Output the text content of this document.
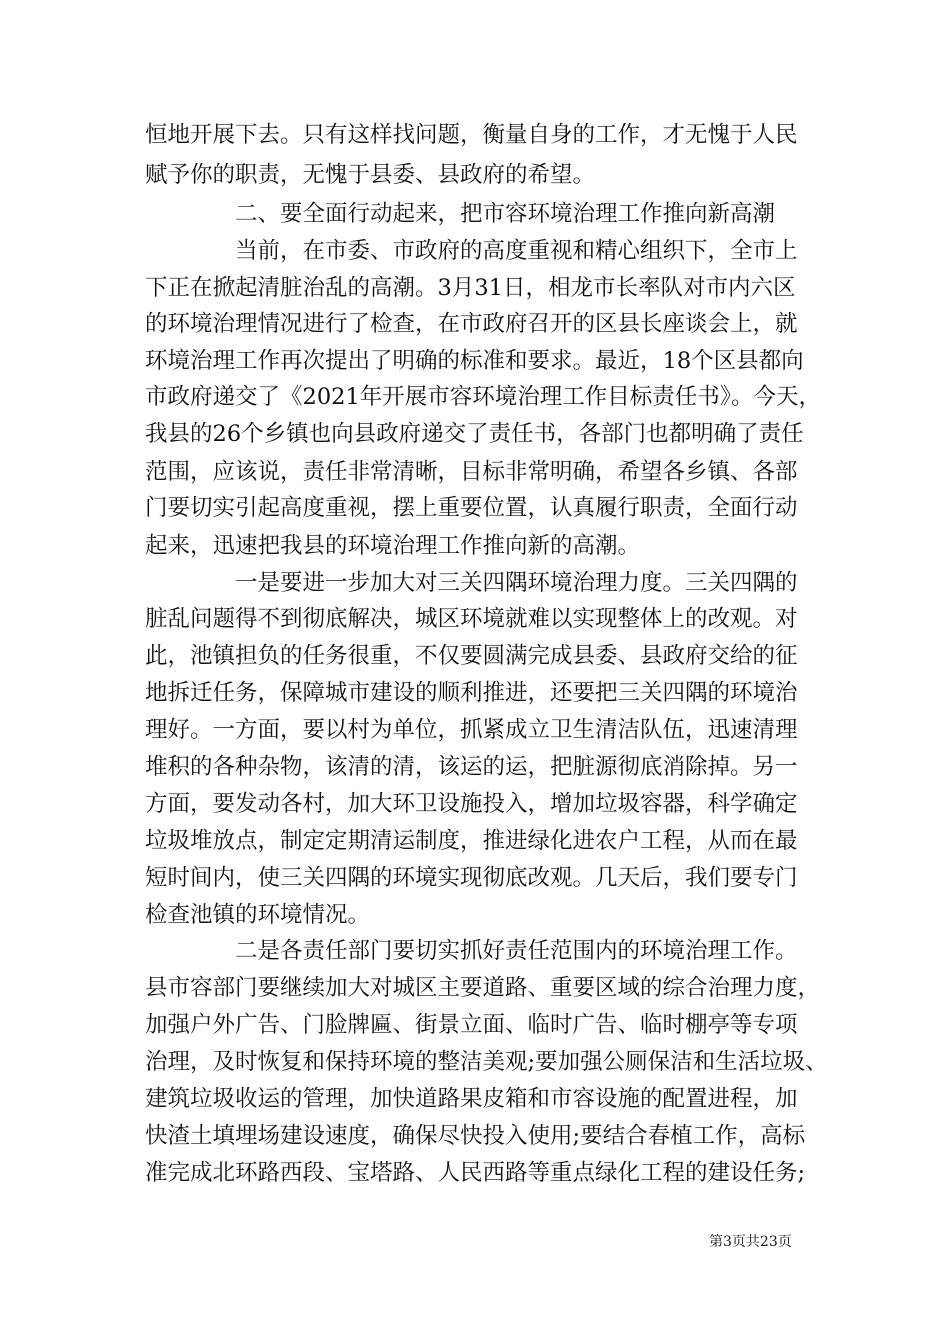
恒地开展下去。只有这样找问题，衡量自身的工作，才无愧于人民

赋予你的职责，无愧于县委、县政府的希望。

　　　　二、要全面行动起来，把市容环境治理工作推向新高潮

　　　　当前，在市委、市政府的高度重视和精心组织下，全市上

下正在掀起清脏治乱的高潮。3月31日，相龙市长率队对市内六区

的环境治理情况进行了检查，在市政府召开的区县长座谈会上，就

环境治理工作再次提出了明确的标准和要求。最近，18个区县都向

市政府递交了《2021年开展市容环境治理工作目标责任书》。今天，

我县的26个乡镇也向县政府递交了责任书，各部门也都明确了责任

范围，应该说，责任非常清晰，目标非常明确，希望各乡镇、各部

门要切实引起高度重视，摆上重要位置，认真履行职责，全面行动

起来，迅速把我县的环境治理工作推向新的高潮。

　　　　一是要进一步加大对三关四隅环境治理力度。三关四隅的

脏乱问题得不到彻底解决，城区环境就难以实现整体上的改观。对

此，池镇担负的任务很重，不仅要圆满完成县委、县政府交给的征

地拆迁任务，保障城市建设的顺利推进，还要把三关四隅的环境治

理好。一方面，要以村为单位，抓紧成立卫生清洁队伍，迅速清理

堆积的各种杂物，该清的清，该运的运，把脏源彻底消除掉。另一

方面，要发动各村，加大环卫设施投入，增加垃圾容器，科学确定

垃圾堆放点，制定定期清运制度，推进绿化进农户工程，从而在最

短时间内，使三关四隅的环境实现彻底改观。几天后，我们要专门

检查池镇的环境情况。

　　　　二是各责任部门要切实抓好责任范围内的环境治理工作。

县市容部门要继续加大对城区主要道路、重要区域的综合治理力度，

加强户外广告、门脸牌匾、街景立面、临时广告、临时棚亭等专项

治理，及时恢复和保持环境的整洁美观;要加强公厕保洁和生活垃圾、

建筑垃圾收运的管理，加快道路果皮箱和市容设施的配置进程，加

快渣土填埋场建设速度，确保尽快投入使用;要结合春植工作，高标

准完成北环路西段、宝塔路、人民西路等重点绿化工程的建设任务;

第3页共23页
